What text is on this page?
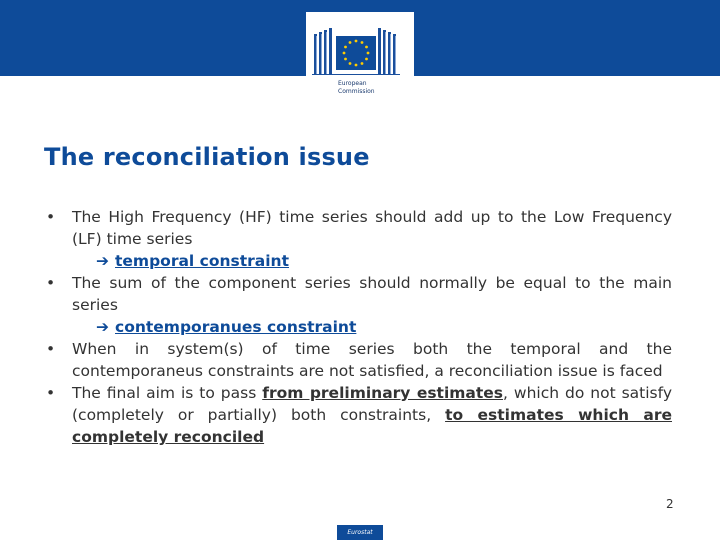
European
Commission
The reconciliation issue
• The High Frequency (HF) time series should add up to the Low Frequency (LF) time series
➔ temporal constraint
• The sum of the component series should normally be equal to the main series
➔ contemporanues constraint
• When in system(s) of time series both the temporal and the contemporaneus constraints are not satisfied, a reconciliation issue is faced
• The final aim is to pass from preliminary estimates, which do not satisfy (completely or partially) both constraints, to estimates which are completely reconciled
2
Eurostat
